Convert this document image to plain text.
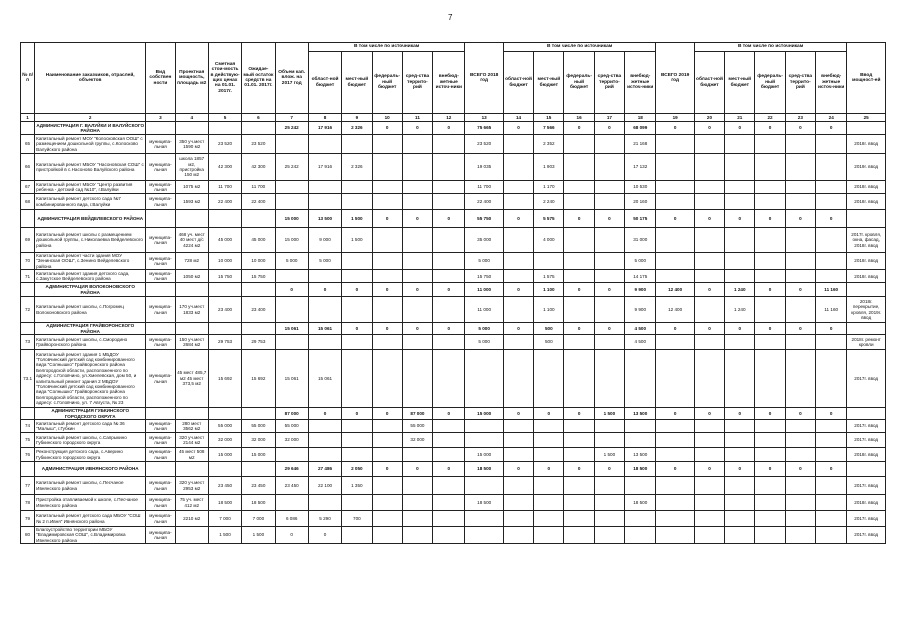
7
№ п/п	Наименование заказчиков, отраслей, объектов	Вид собствен ности	Проектная мощность, площадь м2	Сметная стои-мость в действую-щих ценах на 01.01. 2017г.	Ожидае-мый остаток средств на 01.01. 2017г.	Объем кап. влож. на 2017 год	В том числе по источникам					ВСЕГО 2018 год	В том числе по источникам					ВСЕГО 2019 год	В том числе по источникам					Ввод мощност-ей
							област-ной бюджет	мест-ный бюджет	федераль-ный бюджет	сред-ства террито-рий	внебюд-жетные источ-ники		област-ной бюджет	мест-ный бюджет	федераль-ный бюджет	сред-ства террито-рий	внебюд-жетные источ-ники		област-ной бюджет	мест-ный бюджет	федераль-ный бюджет	сред-ства террито-рий	внебюд-жетные источ-ники	
1	2	3	4	5	6	7	8	9	10	11	12	13	14	15	16	17	18	19	20	21	22	23	24	25
	АДМИНИСТРАЦИЯ Г. ВАЛУЙКИ И ВАЛУЙСКОГО РАЙОНА					25 242	17 916	2 326	0	0	0	75 665	0	7 566	0	0	68 099	0	0	0	0	0	0	
65	Капитальный ремонт МОУ "Колосковская ООШ" с размещением дошкольной группы, с.Колосково Валуйского района	муниципа-льная	350 уч.мест 1590 м2	23 520	23 520							23 520		2 352			21 168							2018г. ввод
66	Капитальный ремонт МБОУ "Насоновская СОШ" с пристройкой в с.Насоново Валуйского района	муниципа-льная	школа 1857 м2, пристройка 150 м2	42 300	42 300	25 242	17 916	2 326				19 035		1 903			17 132							2019г. ввод
67	Капитальный ремонт МБОУ "Центр развития ребенка - детский сад №10", г.Валуйки	муниципа-льная	1075 м2	11 700	11 700							11 700		1 170			10 530							2018г. ввод
68	Капитальный ремонт детского сада №7 комбинированного вида, г.Валуйки	муниципа-льная	1593 м2	22 400	22 400							22 400		2 240			20 160							2018г. ввод
	АДМИНИСТРАЦИЯ ВЕЙДЕЛЕВСКОГО РАЙОНА					15 000	13 500	1 500	0	0	0	55 750	0	5 575	0	0	50 175	0	0	0	0	0	0	
69	Капитальный ремонт школы с размещением дошкольной группы, с.Николаевка Вейделевского района	муниципа-льная	468 уч. мест 40 мест д/с 4224 м2	45 000	45 000	15 000	9 000	1 500				35 000		4 000			31 000							2017г. кровля, окна, фасад, 2018г. ввод
70	Капитальный ремонт части здания МОУ "Зенинская ООШ", с.Зенино Вейделевского района	муниципа-льная	728 м2	10 000	10 000	5 000	5 000					5 000					5 000							2018г. ввод
71	Капитальный ремонт здания детского сада, с.Закутское Вейделевского района	муниципа-льная	1050 м2	15 750	15 750							15 750		1 575			14 175							2018г. ввод
	АДМИНИСТРАЦИЯ ВОЛОКОНОВСКОГО РАЙОНА					0	0	0	0	0	0	11 000	0	1 100	0	0	9 900	12 400	0	1 240	0	0	11 160	
72	Капитальный ремонт школы, с.Погромец Волоконовского района	муниципа-льная	170 уч.мест 1833 м2	23 400	23 400							11 000		1 100			9 900	12 400		1 240			11 160	2018г. перекрытие, кровля, 2019г. ввод
	АДМИНИСТРАЦИЯ ГРАЙВОРОНСКОГО РАЙОНА					15 061	15 061	0	0	0	0	5 000	0	500	0	0	4 500	0	0	0	0	0	0	
73	Капитальный ремонт школы, с.Смородино Грайворонского района	муниципа-льная	150 уч.мест 2684 м2	29 753	29 753							5 000		500			4 500							2018г. ремонт кровли
73.1	Капитальный ремонт здания 1 МБДОУ "Головчинский детский сад комбинированного вида "Солнышко" Грайворонского района Белгородской области, расположенного по адресу: с.Головчино, ул.Хмелевская, дом 50, и капитальный ремонт здания 2 МБДОУ "Головчинский детский сад комбинированного вида "Солнышко" Грайворонского района Белгородской области, расположенного по адресу: с.Головчино, ул. 7 Августа, № 23	муниципа-льная	45 мест 485,7 м2 45 мест 373,5 м2	15 692	15 692	15 061	15 061																	2017г. ввод
	АДМИНИСТРАЦИЯ ГУБКИНСКОГО ГОРОДСКОГО ОКРУГА					87 000	0	0	0	87 000	0	15 000	0	0	0	1 500	13 500	0	0	0	0	0	0	
74	Капитальный ремонт детского сада № 36 "Малыш", г.Губкин	муниципа-льная	280 мест 3562 м2	55 000	55 000	55 000				55 000														2017г. ввод
75	Капитальный ремонт школы, с.Сапрыкино Губкинского городского округа	муниципа-льная	320 уч.мест 2144 м2	32 000	32 000	32 000				32 000														2017г. ввод
76	Реконструкция детского сада, с.Аверино Губкинского городского округа	муниципа-льная	45 мест 508 м2	15 000	15 000							15 000				1 500	13 500							2018г. ввод
	АДМИНИСТРАЦИЯ ИВНЯНСКОГО РАЙОНА					29 646	27 486	2 050	0	0	0	18 500	0	0	0	0	18 500	0	0	0	0	0	0	
77	Капитальный ремонт школы, с.Песчаное Ивнянского района	муниципа-льная	320 уч.мест 2953 м2	23 450	23 450	23 450	22 100	1 350																2017г. ввод
78	Пристройка отапливаемой к школе, с.Песчаное Ивнянского района	муниципа-льная	75 уч. мест 412 м2	18 500	18 500							18 500					18 500							2018г. ввод
79	Капитальный ремонт детского сада МБОУ "СОШ № 2 п.Ивня" Ивнянского района	муниципа-льная	2210 м2	7 000	7 000	6 086	5 290	700																2017г. ввод
80	Благоустройство территории МБОУ "Владимировская СОШ", с.Владимировка Ивнянского района	муниципа-льная		1 500	1 500	0	0																	2017г. ввод
